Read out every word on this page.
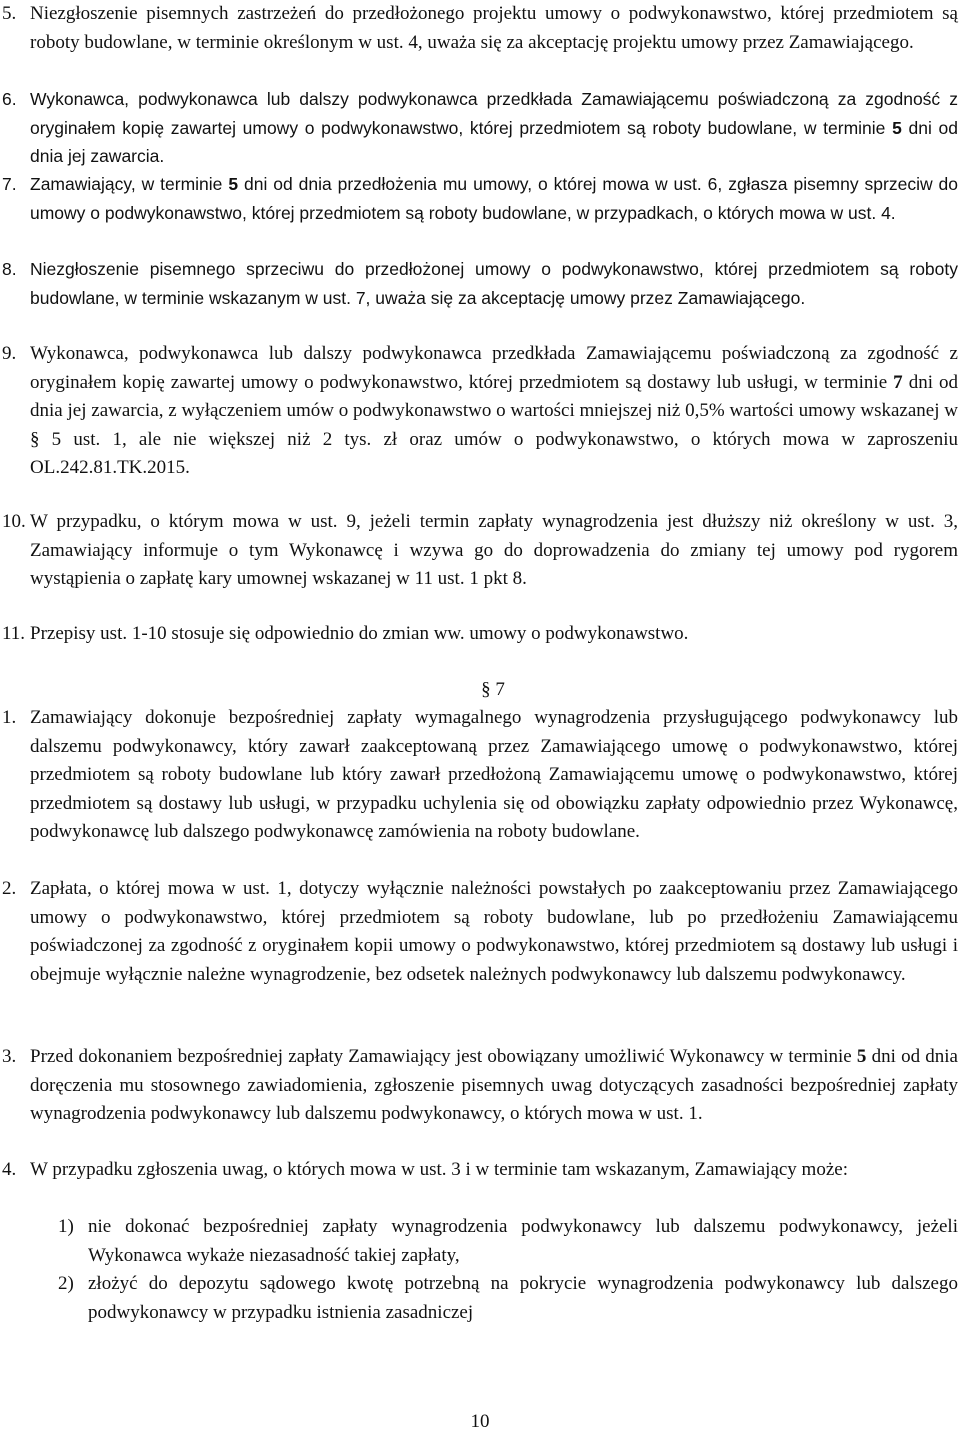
5. Niezgłoszenie pisemnych zastrzeżeń do przedłożonego projektu umowy o podwykonawstwo, której przedmiotem są roboty budowlane, w terminie określonym w ust. 4, uważa się za akceptację projektu umowy przez Zamawiającego.
6. Wykonawca, podwykonawca lub dalszy podwykonawca przedkłada Zamawiającemu poświadczoną za zgodność z oryginałem kopię zawartej umowy o podwykonawstwo, której przedmiotem są roboty budowlane, w terminie 5 dni od dnia jej zawarcia.
7. Zamawiający, w terminie 5 dni od dnia przedłożenia mu umowy, o której mowa w ust. 6, zgłasza pisemny sprzeciw do umowy o podwykonawstwo, której przedmiotem są roboty budowlane, w przypadkach, o których mowa w ust. 4.
8. Niezgłoszenie pisemnego sprzeciwu do przedłożonej umowy o podwykonawstwo, której przedmiotem są roboty budowlane, w terminie wskazanym w ust. 7, uważa się za akceptację umowy przez Zamawiającego.
9. Wykonawca, podwykonawca lub dalszy podwykonawca przedkłada Zamawiającemu poświadczoną za zgodność z oryginałem kopię zawartej umowy o podwykonawstwo, której przedmiotem są dostawy lub usługi, w terminie 7 dni od dnia jej zawarcia, z wyłączeniem umów o podwykonawstwo o wartości mniejszej niż 0,5% wartości umowy wskazanej w § 5 ust. 1, ale nie większej niż 2 tys. zł oraz umów o podwykonawstwo, o których mowa w zaproszeniu OL.242.81.TK.2015.
10. W przypadku, o którym mowa w ust. 9, jeżeli termin zapłaty wynagrodzenia jest dłuższy niż określony w ust. 3, Zamawiający informuje o tym Wykonawcę i wzywa go do doprowadzenia do zmiany tej umowy pod rygorem wystąpienia o zapłatę kary umownej wskazanej w 11 ust. 1 pkt 8.
11. Przepisy ust. 1-10 stosuje się odpowiednio do zmian ww. umowy o podwykonawstwo.
§ 7
1. Zamawiający dokonuje bezpośredniej zapłaty wymagalnego wynagrodzenia przysługującego podwykonawcy lub dalszemu podwykonawcy, który zawarł zaakceptowaną przez Zamawiającego umowę o podwykonawstwo, której przedmiotem są roboty budowlane lub który zawarł przedłożoną Zamawiającemu umowę o podwykonawstwo, której przedmiotem są dostawy lub usługi, w przypadku uchylenia się od obowiązku zapłaty odpowiednio przez Wykonawcę, podwykonawcę lub dalszego podwykonawcę zamówienia na roboty budowlane.
2. Zapłata, o której mowa w ust. 1, dotyczy wyłącznie należności powstałych po zaakceptowaniu przez Zamawiającego umowy o podwykonawstwo, której przedmiotem są roboty budowlane, lub po przedłożeniu Zamawiającemu poświadczonej za zgodność z oryginałem kopii umowy o podwykonawstwo, której przedmiotem są dostawy lub usługi i obejmuje wyłącznie należne wynagrodzenie, bez odsetek należnych podwykonawcy lub dalszemu podwykonawcy.
3. Przed dokonaniem bezpośredniej zapłaty Zamawiający jest obowiązany umożliwić Wykonawcy w terminie 5 dni od dnia doręczenia mu stosownego zawiadomienia, zgłoszenie pisemnych uwag dotyczących zasadności bezpośredniej zapłaty wynagrodzenia podwykonawcy lub dalszemu podwykonawcy, o których mowa w ust. 1.
4. W przypadku zgłoszenia uwag, o których mowa w ust. 3 i w terminie tam wskazanym, Zamawiający może:
1) nie dokonać bezpośredniej zapłaty wynagrodzenia podwykonawcy lub dalszemu podwykonawcy, jeżeli Wykonawca wykaże niezasadność takiej zapłaty,
2) złożyć do depozytu sądowego kwotę potrzebną na pokrycie wynagrodzenia podwykonawcy lub dalszego podwykonawcy w przypadku istnienia zasadniczej
10
